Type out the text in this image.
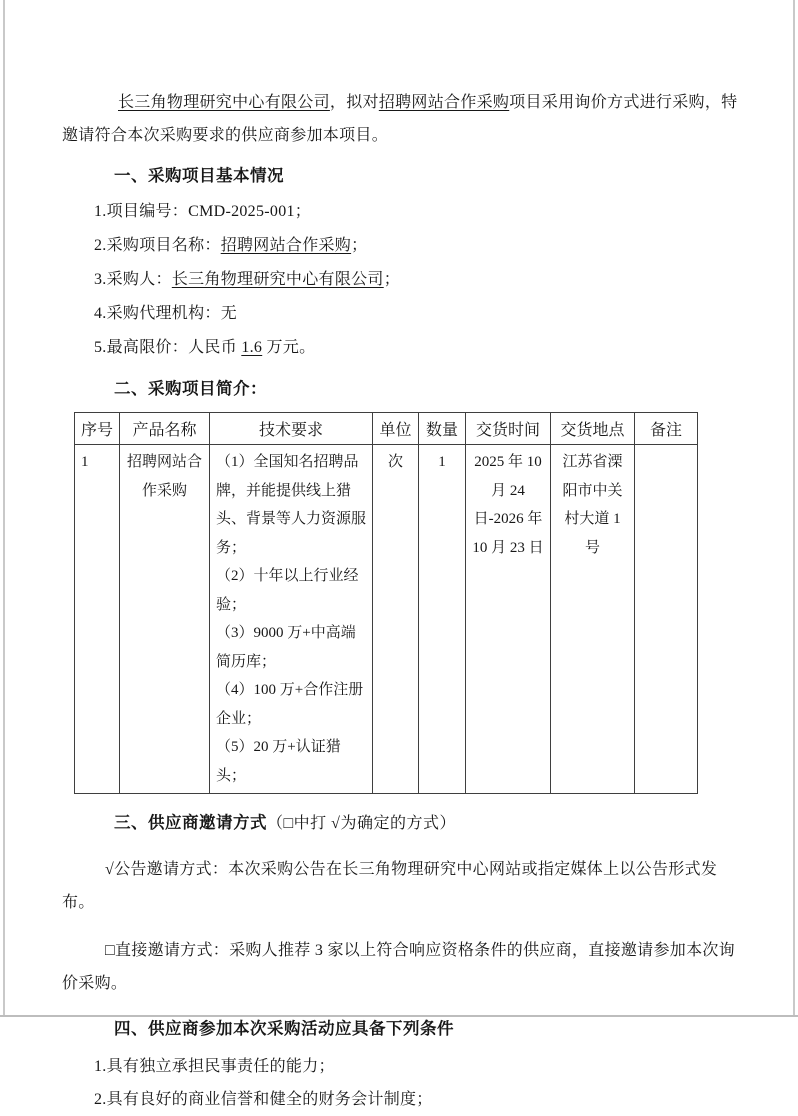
长三角物理研究中心有限公司，拟对招聘网站合作采购项目采用询价方式进行采购，特邀请符合本次采购要求的供应商参加本项目。

一、采购项目基本情况
1.项目编号：CMD-2025-001；
2.采购项目名称：招聘网站合作采购；
3.采购人：长三角物理研究中心有限公司；
4.采购代理机构：无
5.最高限价：人民币 1.6 万元。
二、采购项目简介：
序号	产品名称	技术要求	单位	数量	交货时间	交货地点	备注
1	招聘网站合作采购	（1）全国知名招聘品牌，并能提供线上猎头、背景等人力资源服务；
（2）十年以上行业经验；
（3）9000 万+中高端简历库；
（4）100 万+合作注册企业；
（5）20 万+认证猎头；	次	1	2025 年 10 月 24 日-2026 年 10 月 23 日	江苏省溧阳市中关村大道 1 号	
三、供应商邀请方式（□中打 √为确定的方式）

√公告邀请方式：本次采购公告在长三角物理研究中心网站或指定媒体上以公告形式发布。

□直接邀请方式：采购人推荐 3 家以上符合响应资格条件的供应商，直接邀请参加本次询价采购。

四、供应商参加本次采购活动应具备下列条件
1.具有独立承担民事责任的能力；
2.具有良好的商业信誉和健全的财务会计制度；
